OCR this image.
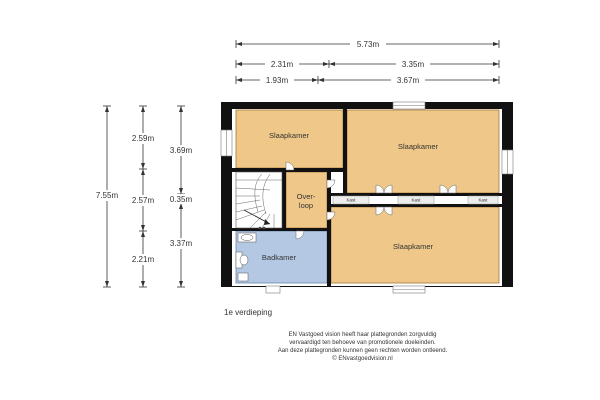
5.73m
2.31m	3.35m
1.93m	3.67m
7.55m
2.59m
2.57m
2.21m
3.69m
0.35m
3.37m
Kast	Kast	Kast
Slaapkamer
Slaapkamer
Slaapkamer
Over-
loop
Badkamer
1e verdieping
EN Vastgoed vision heeft haar plattegronden zorgvuldig
vervaardigd ten behoeve van promotionele doeleinden.
Aan deze plattegronden kunnen geen rechten worden ontleend.
© ENvastgoedvision.nl
